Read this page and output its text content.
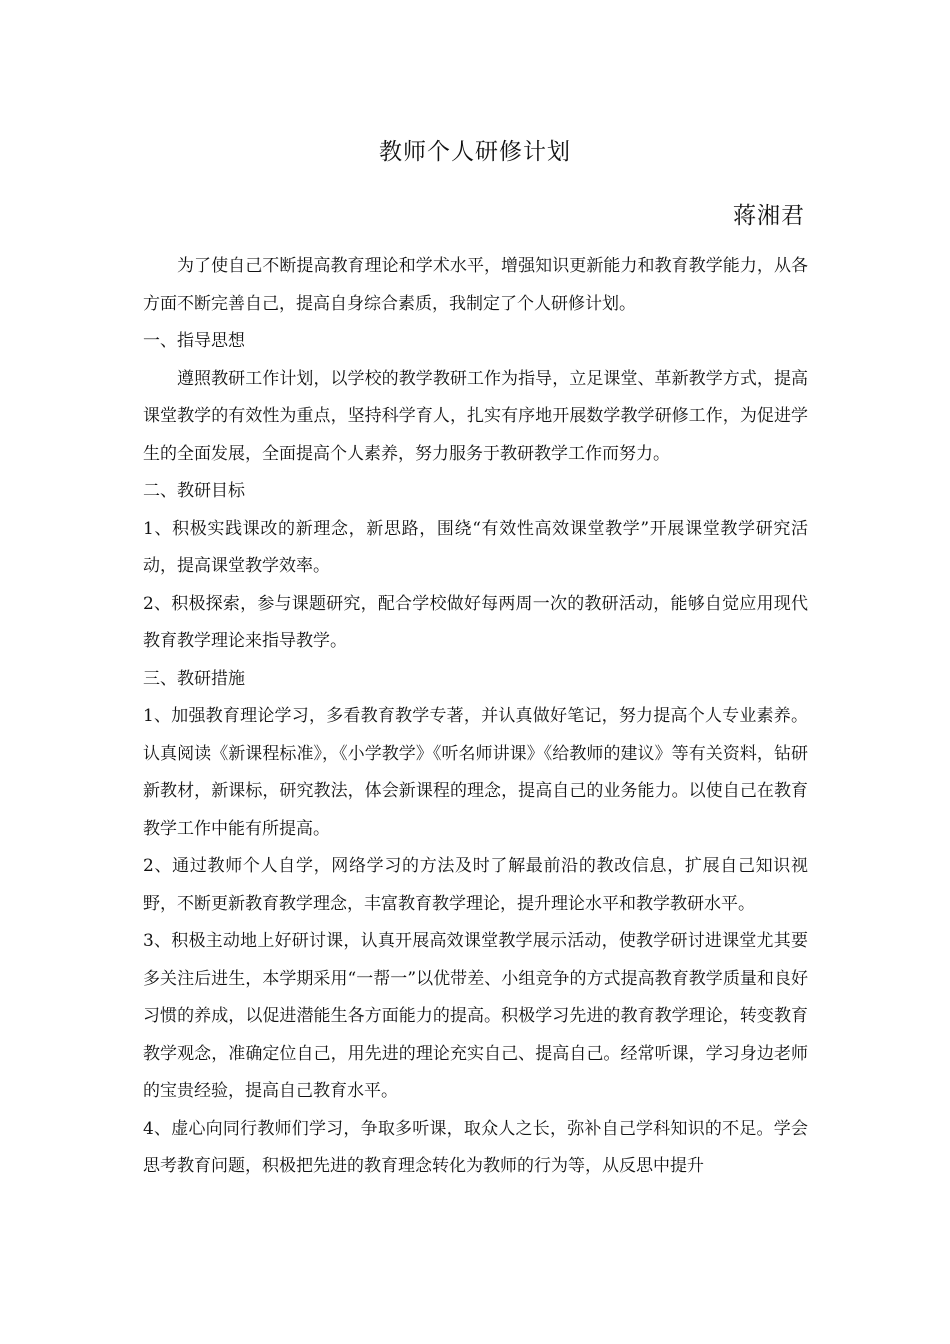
教师个人研修计划
蒋湘君

为了使自己不断提高教育理论和学术水平，增强知识更新能力和教育教学能力，从各方面不断完善自己，提高自身综合素质，我制定了个人研修计划。

一、指导思想

遵照教研工作计划，以学校的教学教研工作为指导，立足课堂、革新教学方式，提高课堂教学的有效性为重点，坚持科学育人，扎实有序地开展数学教学研修工作，为促进学生的全面发展，全面提高个人素养，努力服务于教研教学工作而努力。

二、教研目标

1、积极实践课改的新理念，新思路，围绕“有效性高效课堂教学”开展课堂教学研究活动，提高课堂教学效率。

2、积极探索，参与课题研究，配合学校做好每两周一次的教研活动，能够自觉应用现代教育教学理论来指导教学。

三、教研措施

1、加强教育理论学习，多看教育教学专著，并认真做好笔记，努力提高个人专业素养。认真阅读《新课程标准》，《小学教学》《听名师讲课》《给教师的建议》等有关资料，钻研新教材，新课标，研究教法，体会新课程的理念，提高自己的业务能力。以使自己在教育教学工作中能有所提高。

2、通过教师个人自学，网络学习的方法及时了解最前沿的教改信息，扩展自己知识视野，不断更新教育教学理念，丰富教育教学理论，提升理论水平和教学教研水平。

3、积极主动地上好研讨课，认真开展高效课堂教学展示活动，使教学研讨进课堂尤其要多关注后进生，本学期采用“一帮一”以优带差、小组竞争的方式提高教育教学质量和良好习惯的养成，以促进潜能生各方面能力的提高。积极学习先进的教育教学理论，转变教育教学观念，准确定位自己，用先进的理论充实自己、提高自己。经常听课，学习身边老师的宝贵经验，提高自己教育水平。

4、虚心向同行教师们学习，争取多听课，取众人之长，弥补自己学科知识的不足。学会思考教育问题，积极把先进的教育理念转化为教师的行为等，从反思中提升
